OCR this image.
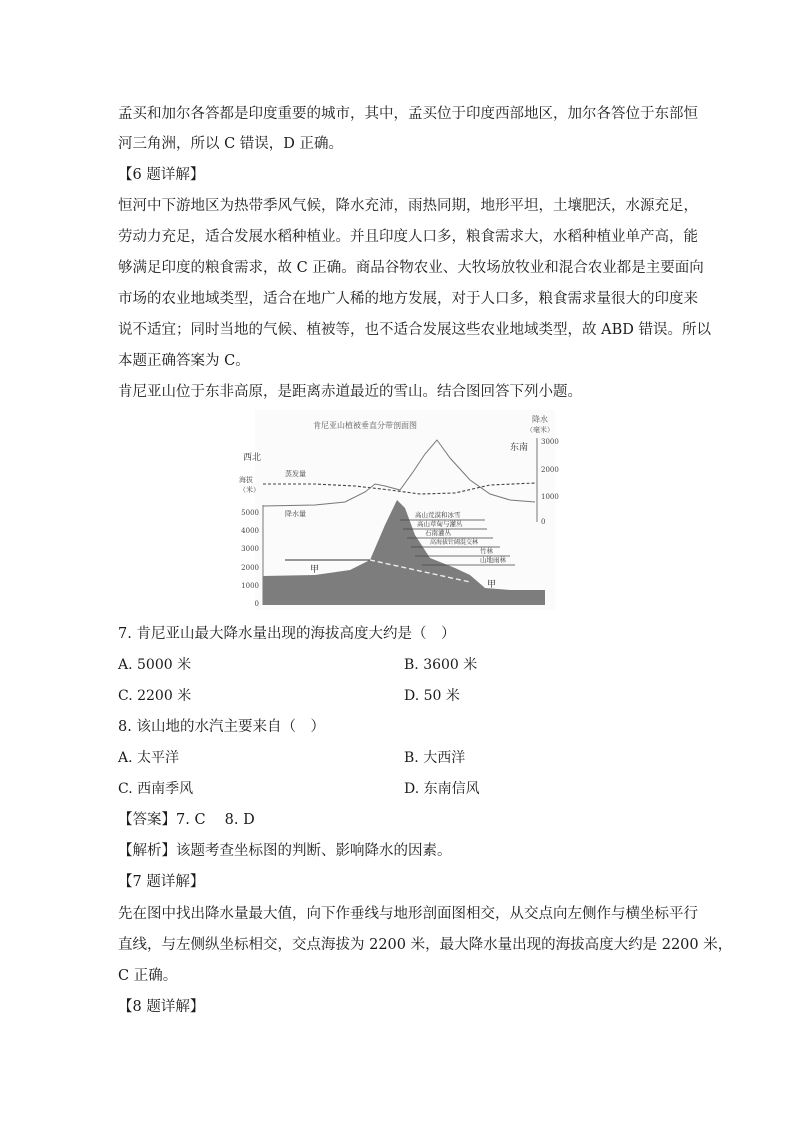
孟买和加尔各答都是印度重要的城市，其中，孟买位于印度西部地区，加尔各答位于东部恒
河三角洲，所以 C 错误，D 正确。
【6 题详解】
恒河中下游地区为热带季风气候，降水充沛，雨热同期，地形平坦，土壤肥沃，水源充足，
劳动力充足，适合发展水稻种植业。并且印度人口多，粮食需求大，水稻种植业单产高，能
够满足印度的粮食需求，故 C 正确。商品谷物农业、大牧场放牧业和混合农业都是主要面向
市场的农业地域类型，适合在地广人稀的地方发展，对于人口多，粮食需求量很大的印度来
说不适宜；同时当地的气候、植被等，也不适合发展这些农业地域类型，故 ABD 错误。所以
本题正确答案为 C。
肯尼亚山位于东非高原，是距离赤道最近的雪山。结合图回答下列小题。
肯尼亚山植被垂直分带剖面图
降水
（毫米）
西北
东南
海拔
（米）
5000
4000
3000
2000
1000
0
3000
2000
1000
0
蒸发量
降水量	高山荒漠和冰雪
高山草甸与灌丛
石南灌丛
高海拔针阔混交林
竹林
山地雨林
甲
甲
7. 肯尼亚山最大降水量出现的海拔高度大约是（　）
A. 5000 米	B. 3600 米
C. 2200 米	D. 50 米
8. 该山地的水汽主要来自（　）
A. 太平洋	B. 大西洋
C. 西南季风	D. 东南信风
【答案】7. C　 8. D
【解析】该题考查坐标图的判断、影响降水的因素。
【7 题详解】
先在图中找出降水量最大值，向下作垂线与地形剖面图相交，从交点向左侧作与横坐标平行
直线，与左侧纵坐标相交，交点海拔为 2200 米，最大降水量出现的海拔高度大约是 2200 米，
C 正确。
【8 题详解】
